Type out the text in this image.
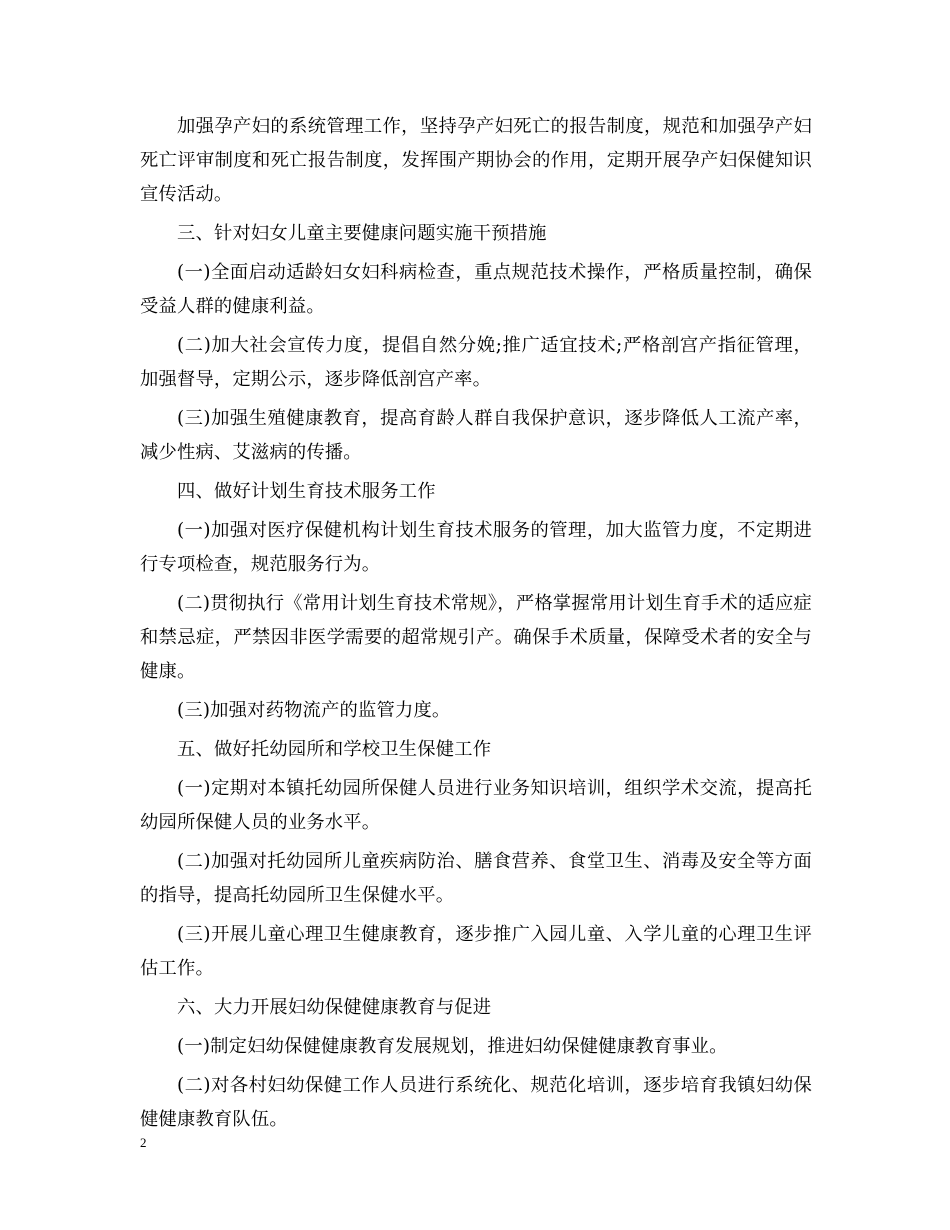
加强孕产妇的系统管理工作，坚持孕产妇死亡的报告制度，规范和加强孕产妇死亡评审制度和死亡报告制度，发挥围产期协会的作用，定期开展孕产妇保健知识宣传活动。

三、针对妇女儿童主要健康问题实施干预措施

(一)全面启动适龄妇女妇科病检查，重点规范技术操作，严格质量控制，确保受益人群的健康利益。

(二)加大社会宣传力度，提倡自然分娩;推广适宜技术;严格剖宫产指征管理，加强督导，定期公示，逐步降低剖宫产率。

(三)加强生殖健康教育，提高育龄人群自我保护意识，逐步降低人工流产率，减少性病、艾滋病的传播。

四、做好计划生育技术服务工作

(一)加强对医疗保健机构计划生育技术服务的管理，加大监管力度，不定期进行专项检查，规范服务行为。

(二)贯彻执行《常用计划生育技术常规》，严格掌握常用计划生育手术的适应症和禁忌症，严禁因非医学需要的超常规引产。确保手术质量，保障受术者的安全与健康。

(三)加强对药物流产的监管力度。

五、做好托幼园所和学校卫生保健工作

(一)定期对本镇托幼园所保健人员进行业务知识培训，组织学术交流，提高托幼园所保健人员的业务水平。

(二)加强对托幼园所儿童疾病防治、膳食营养、食堂卫生、消毒及安全等方面的指导，提高托幼园所卫生保健水平。

(三)开展儿童心理卫生健康教育，逐步推广入园儿童、入学儿童的心理卫生评估工作。

六、大力开展妇幼保健健康教育与促进

(一)制定妇幼保健健康教育发展规划，推进妇幼保健健康教育事业。

(二)对各村妇幼保健工作人员进行系统化、规范化培训，逐步培育我镇妇幼保健健康教育队伍。

2
